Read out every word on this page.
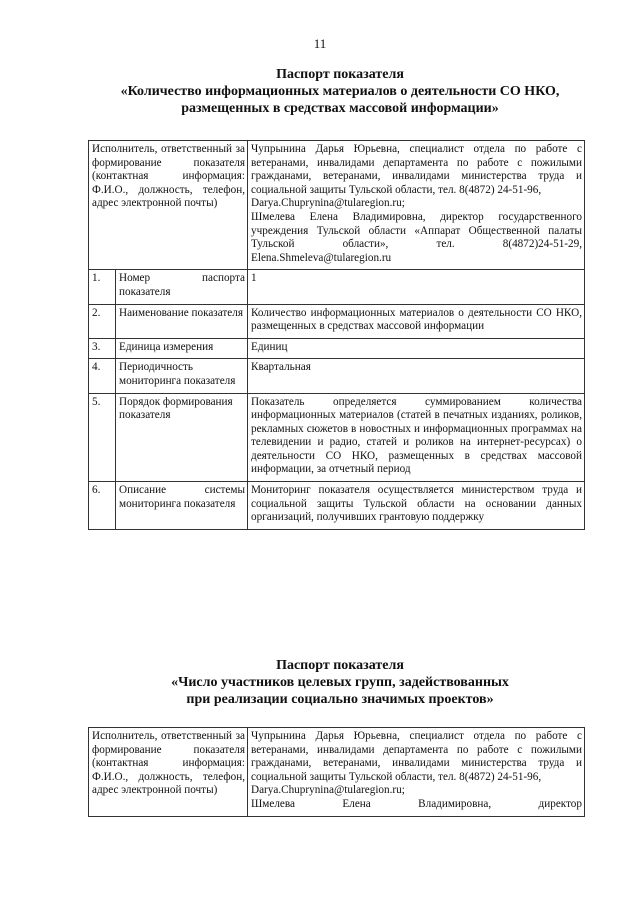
11
Паспорт показателя
«Количество информационных материалов о деятельности СО НКО,
размещенных в средствах массовой информации»
Исполнитель, ответственный за формирование показателя (контактная информация: Ф.И.О., должность, телефон, адрес электронной почты)		Чупрынина Дарья Юрьевна, специалист отдела по работе с ветеранами, инвалидами департамента по работе с пожилыми гражданами, ветеранами, инвалидами министерства труда и социальной защиты Тульской области, тел. 8(4872) 24-51-96,
Darya.Chuprynina@tularegion.ru;
Шмелева Елена Владимировна, директор государственного учреждения Тульской области «Аппарат Общественной палаты Тульской области», тел. 8(4872)24-51-29, Elena.Shmeleva@tularegion.ru

1.	Номер паспорта показателя	1
2.	Наименование показателя	Количество информационных материалов о деятельности СО НКО, размещенных в средствах массовой информации
3.	Единица измерения	Единиц
4.	Периодичность мониторинга показателя	Квартальная
5.	Порядок формирования показателя	Показатель определяется суммированием количества информационных материалов (статей в печатных изданиях, роликов, рекламных сюжетов в новостных и информационных программах на телевидении и радио, статей и роликов на интернет-ресурсах) о деятельности СО НКО, размещенных в средствах массовой информации, за отчетный период
6.	Описание системы мониторинга показателя	Мониторинг показателя осуществляется министерством труда и социальной защиты Тульской области на основании данных организаций, получивших грантовую поддержку
Паспорт показателя
«Число участников целевых групп, задействованных
при реализации социально значимых проектов»
Исполнитель, ответственный за формирование показателя (контактная информация: Ф.И.О., должность, телефон, адрес электронной почты)	Чупрынина Дарья Юрьевна, специалист отдела по работе с ветеранами, инвалидами департамента по работе с пожилыми гражданами, ветеранами, инвалидами министерства труда и социальной защиты Тульской области, тел. 8(4872) 24-51-96,
Darya.Chuprynina@tularegion.ru;
Шмелева Елена Владимировна, директор
